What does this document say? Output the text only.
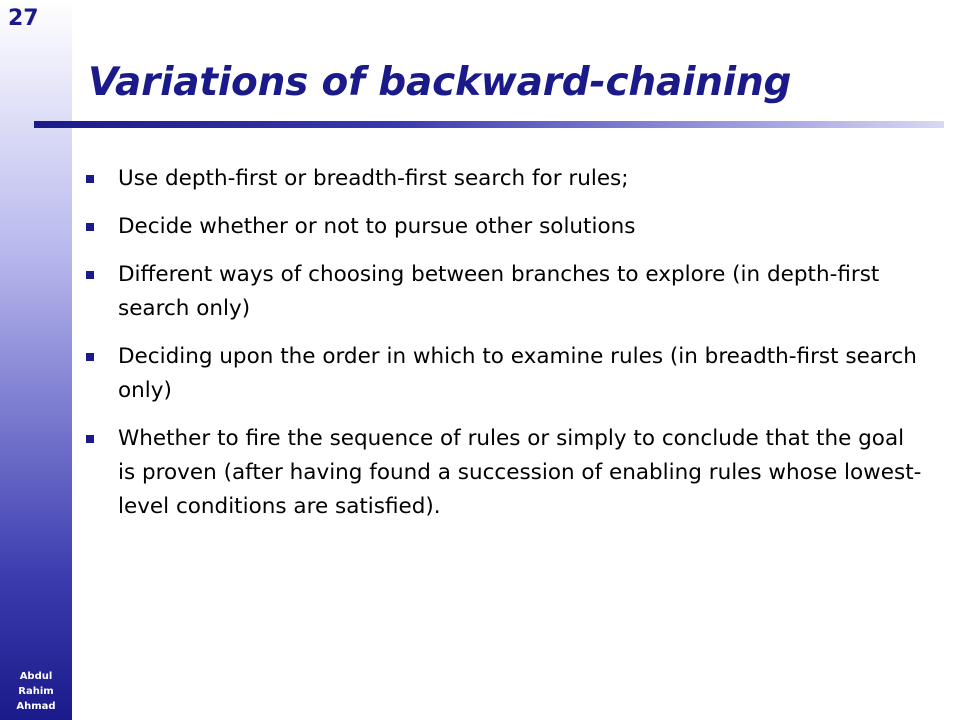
27
Abdul
Rahim
Ahmad
Variations of backward-chaining
Use depth-first or breadth-first search for rules;
Decide whether or not to pursue other solutions
Different ways of choosing between branches to explore (in depth-first search only)
Deciding upon the order in which to examine rules (in breadth-first search only)
Whether to fire the sequence of rules or simply to conclude that the goal is proven (after having found a succession of enabling rules whose lowest-level conditions are satisfied).
